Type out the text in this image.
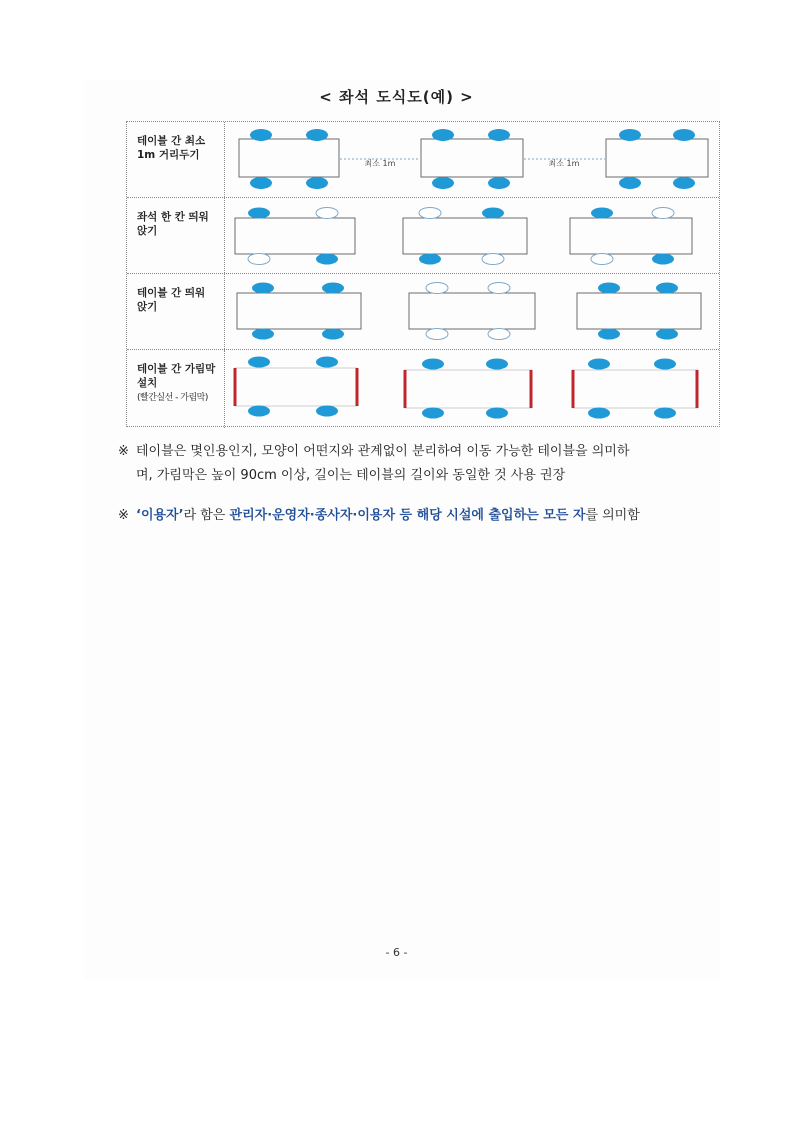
< 좌석 도식도(예) >
테이블 간 최소 1m 거리두기
최소 1m	최소 1m
좌석 한 칸 띄워앉기
테이블 간 띄워 앉기
테이블 간 가림막설치
(빨간실선 - 가림막)
※ 테이블은 몇인용인지, 모양이 어떤지와 관계없이 분리하여 이동 가능한 테이블을 의미하
며, 가림막은 높이 90cm 이상, 길이는 테이블의 길이와 동일한 것 사용 권장
※ ‘이용자’라 함은 관리자·운영자·종사자·이용자 등 해당 시설에 출입하는 모든 자를 의미함
- 6 -
